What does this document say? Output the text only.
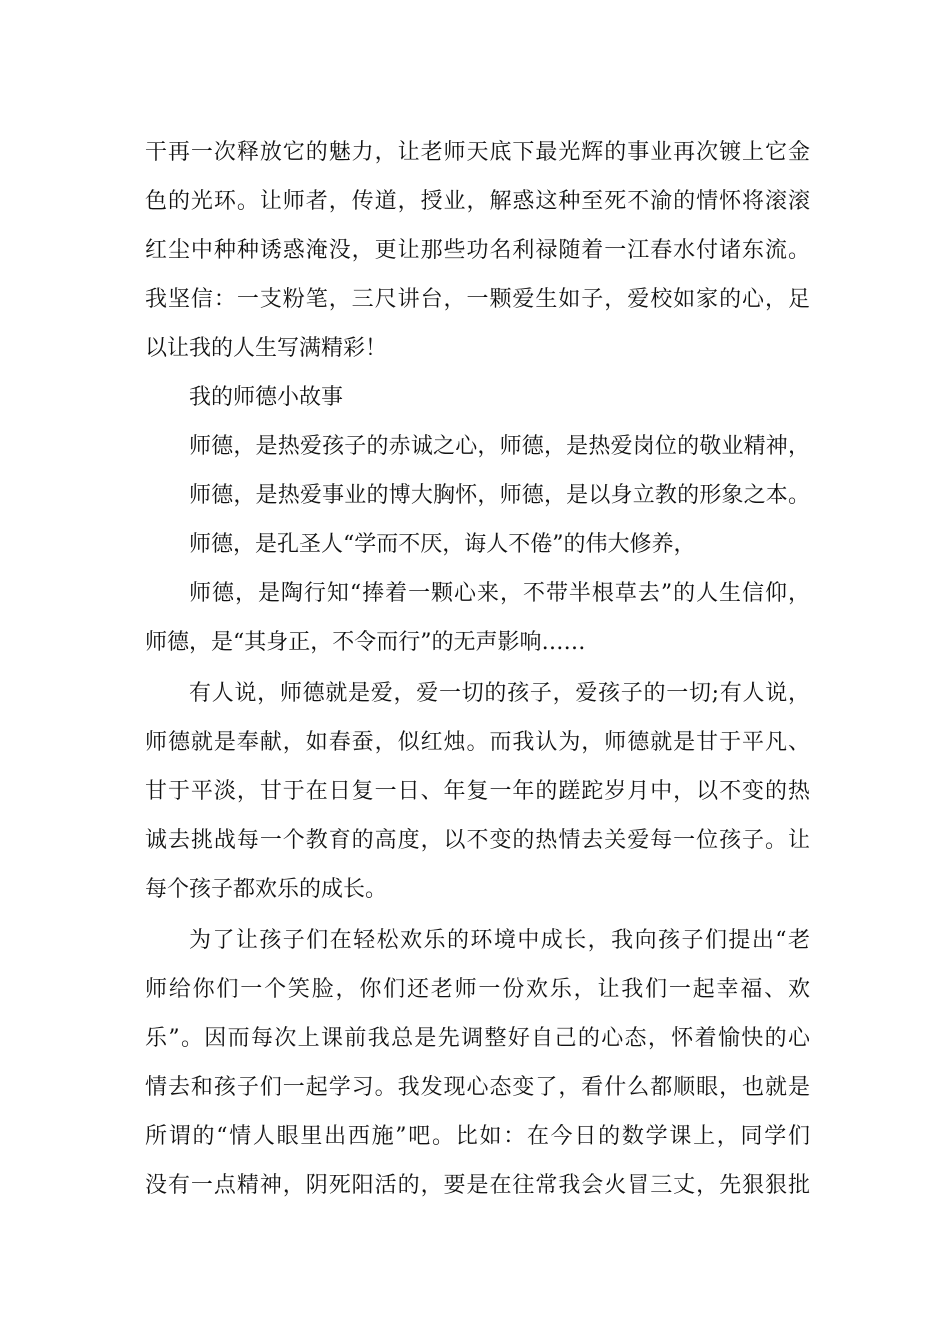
干再一次释放它的魅力，让老师天底下最光辉的事业再次镀上它金
色的光环。让师者，传道，授业，解惑这种至死不渝的情怀将滚滚
红尘中种种诱惑淹没，更让那些功名利禄随着一江春水付诸东流。
我坚信：一支粉笔，三尺讲台，一颗爱生如子，爱校如家的心，足
以让我的人生写满精彩！
我的师德小故事
师德，是热爱孩子的赤诚之心，师德，是热爱岗位的敬业精神，
师德，是热爱事业的博大胸怀，师德，是以身立教的形象之本。
师德，是孔圣人“学而不厌，诲人不倦”的伟大修养，
师德，是陶行知“捧着一颗心来，不带半根草去”的人生信仰，
师德，是“其身正，不令而行”的无声影响……
有人说，师德就是爱，爱一切的孩子，爱孩子的一切;有人说，
师德就是奉献，如春蚕，似红烛。而我认为，师德就是甘于平凡、
甘于平淡，甘于在日复一日、年复一年的蹉跎岁月中，以不变的热
诚去挑战每一个教育的高度，以不变的热情去关爱每一位孩子。让
每个孩子都欢乐的成长。
为了让孩子们在轻松欢乐的环境中成长，我向孩子们提出“老
师给你们一个笑脸，你们还老师一份欢乐，让我们一起幸福、欢
乐”。因而每次上课前我总是先调整好自己的心态，怀着愉快的心
情去和孩子们一起学习。我发现心态变了，看什么都顺眼，也就是
所谓的“情人眼里出西施”吧。比如：在今日的数学课上，同学们
没有一点精神，阴死阳活的，要是在往常我会火冒三丈，先狠狠批
